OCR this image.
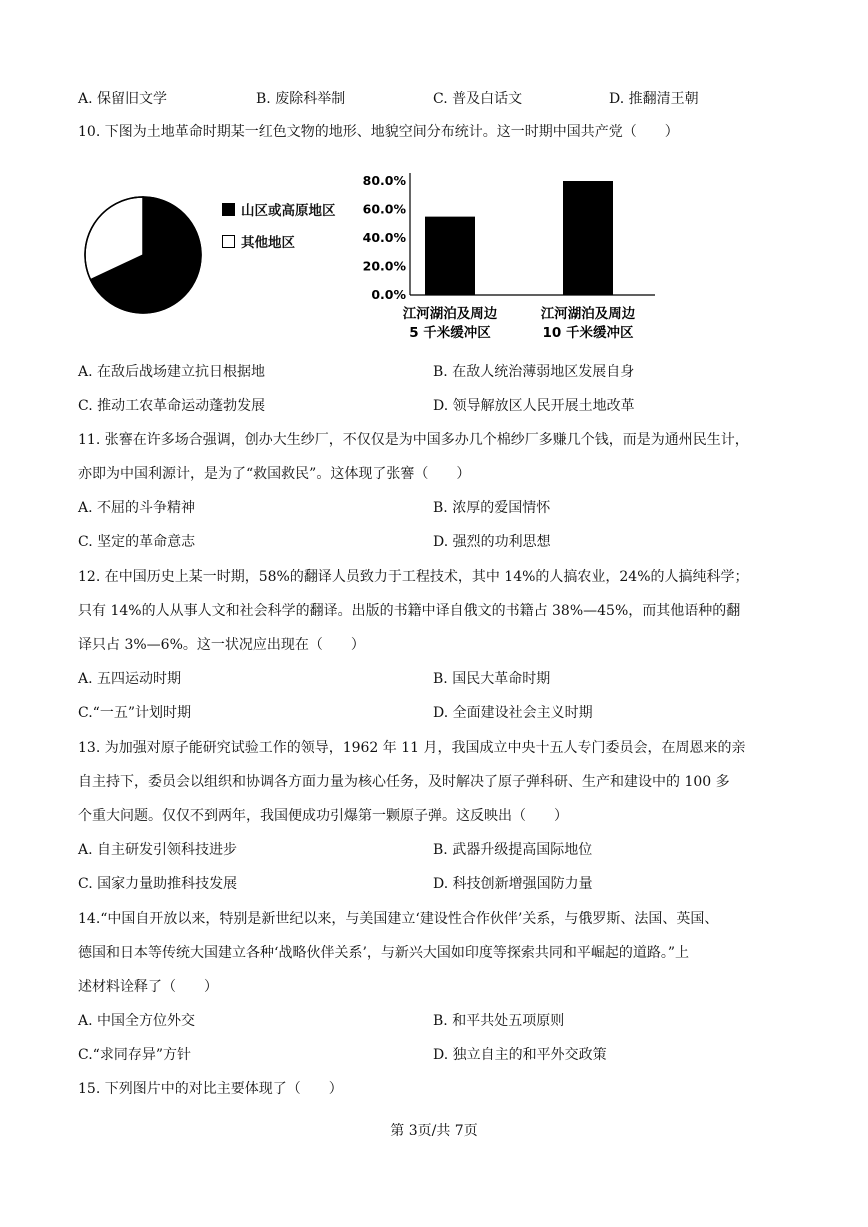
A. 保留旧文学	B. 废除科举制	C. 普及白话文	D. 推翻清王朝
10. 下图为土地革命时期某一红色文物的地形、地貌空间分布统计。这一时期中国共产党（　　）
山区或高原地区
其他地区
0.0%
20.0%
40.0%
60.0%
80.0%
江河湖泊及周边
5 千米缓冲区
江河湖泊及周边
10 千米缓冲区
A. 在敌后战场建立抗日根据地	B. 在敌人统治薄弱地区发展自身
C. 推动工农革命运动蓬勃发展	D. 领导解放区人民开展土地改革
11. 张謇在许多场合强调，创办大生纱厂，不仅仅是为中国多办几个棉纱厂多赚几个钱，而是为通州民生计，
亦即为中国利源计，是为了“救国救民”。这体现了张謇（　　）
A. 不屈的斗争精神	B. 浓厚的爱国情怀
C. 坚定的革命意志	D. 强烈的功利思想
12. 在中国历史上某一时期，58%的翻译人员致力于工程技术，其中 14%的人搞农业，24%的人搞纯科学；
只有 14%的人从事人文和社会科学的翻译。出版的书籍中译自俄文的书籍占 38%—45%，而其他语种的翻
译只占 3%—6%。这一状况应出现在（　　）
A. 五四运动时期	B. 国民大革命时期
C.“一五”计划时期	D. 全面建设社会主义时期
13. 为加强对原子能研究试验工作的领导，1962 年 11 月，我国成立中央十五人专门委员会，在周恩来的亲
自主持下，委员会以组织和协调各方面力量为核心任务，及时解决了原子弹科研、生产和建设中的 100 多
个重大问题。仅仅不到两年，我国便成功引爆第一颗原子弹。这反映出（　　）
A. 自主研发引领科技进步	B. 武器升级提高国际地位
C. 国家力量助推科技发展	D. 科技创新增强国防力量
14.“中国自开放以来，特别是新世纪以来，与美国建立‘建设性合作伙伴’关系，与俄罗斯、法国、英国、
德国和日本等传统大国建立各种‘战略伙伴关系’，与新兴大国如印度等探索共同和平崛起的道路。”上
述材料诠释了（　　）
A. 中国全方位外交	B. 和平共处五项原则
C.“求同存异”方针	D. 独立自主的和平外交政策
15. 下列图片中的对比主要体现了（　　）
第 3页/共 7页
